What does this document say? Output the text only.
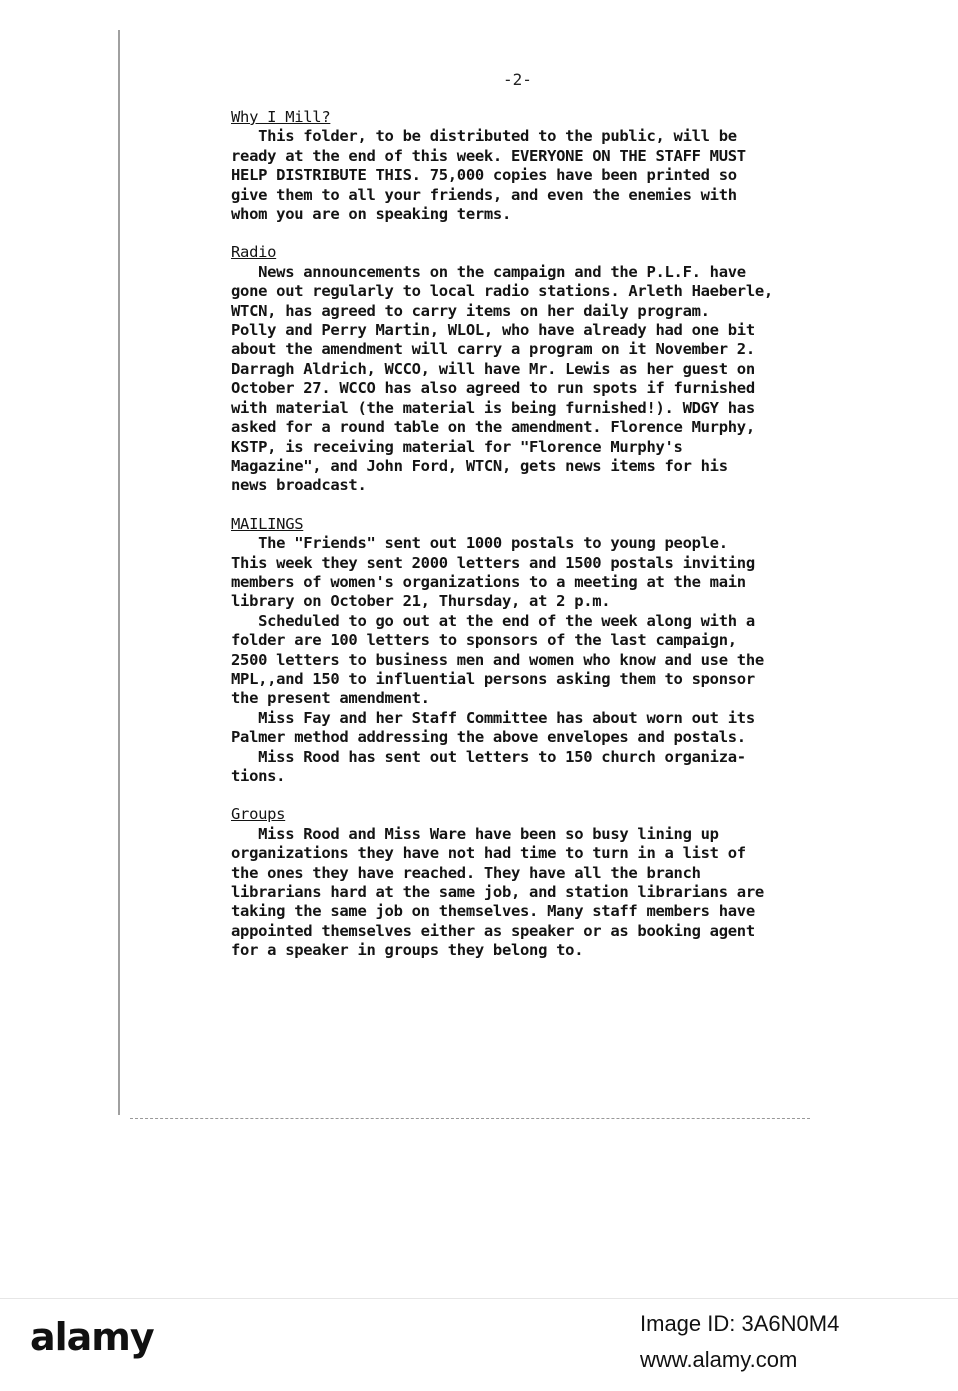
-2-
Why I Mill?
This folder, to be distributed to the public, will be
ready at the end of this week. EVERYONE ON THE STAFF MUST
HELP DISTRIBUTE THIS. 75,000 copies have been printed so
give them to all your friends, and even the enemies with
whom you are on speaking terms.
Radio
News announcements on the campaign and the P.L.F. have
gone out regularly to local radio stations. Arleth Haeberle,
WTCN, has agreed to carry items on her daily program.
Polly and Perry Martin, WLOL, who have already had one bit
about the amendment will carry a program on it November 2.
Darragh Aldrich, WCCO, will have Mr. Lewis as her guest on
October 27. WCCO has also agreed to run spots if furnished
with material (the material is being furnished!). WDGY has
asked for a round table on the amendment. Florence Murphy,
KSTP, is receiving material for "Florence Murphy's
Magazine", and John Ford, WTCN, gets news items for his
news broadcast.
MAILINGS
The "Friends" sent out 1000 postals to young people.
This week they sent 2000 letters and 1500 postals inviting
members of women's organizations to a meeting at the main
library on October 21, Thursday, at 2 p.m.
Scheduled to go out at the end of the week along with a
folder are 100 letters to sponsors of the last campaign,
2500 letters to business men and women who know and use the
MPL,,and 150 to influential persons asking them to sponsor
the present amendment.
Miss Fay and her Staff Committee has about worn out its
Palmer method addressing the above envelopes and postals.
Miss Rood has sent out letters to 150 church organiza-
tions.
Groups
Miss Rood and Miss Ware have been so busy lining up
organizations they have not had time to turn in a list of
the ones they have reached. They have all the branch
librarians hard at the same job, and station librarians are
taking the same job on themselves. Many staff members have
appointed themselves either as speaker or as booking agent
for a speaker in groups they belong to.
alamy	Image ID: 3A6N0M4
www.alamy.com
